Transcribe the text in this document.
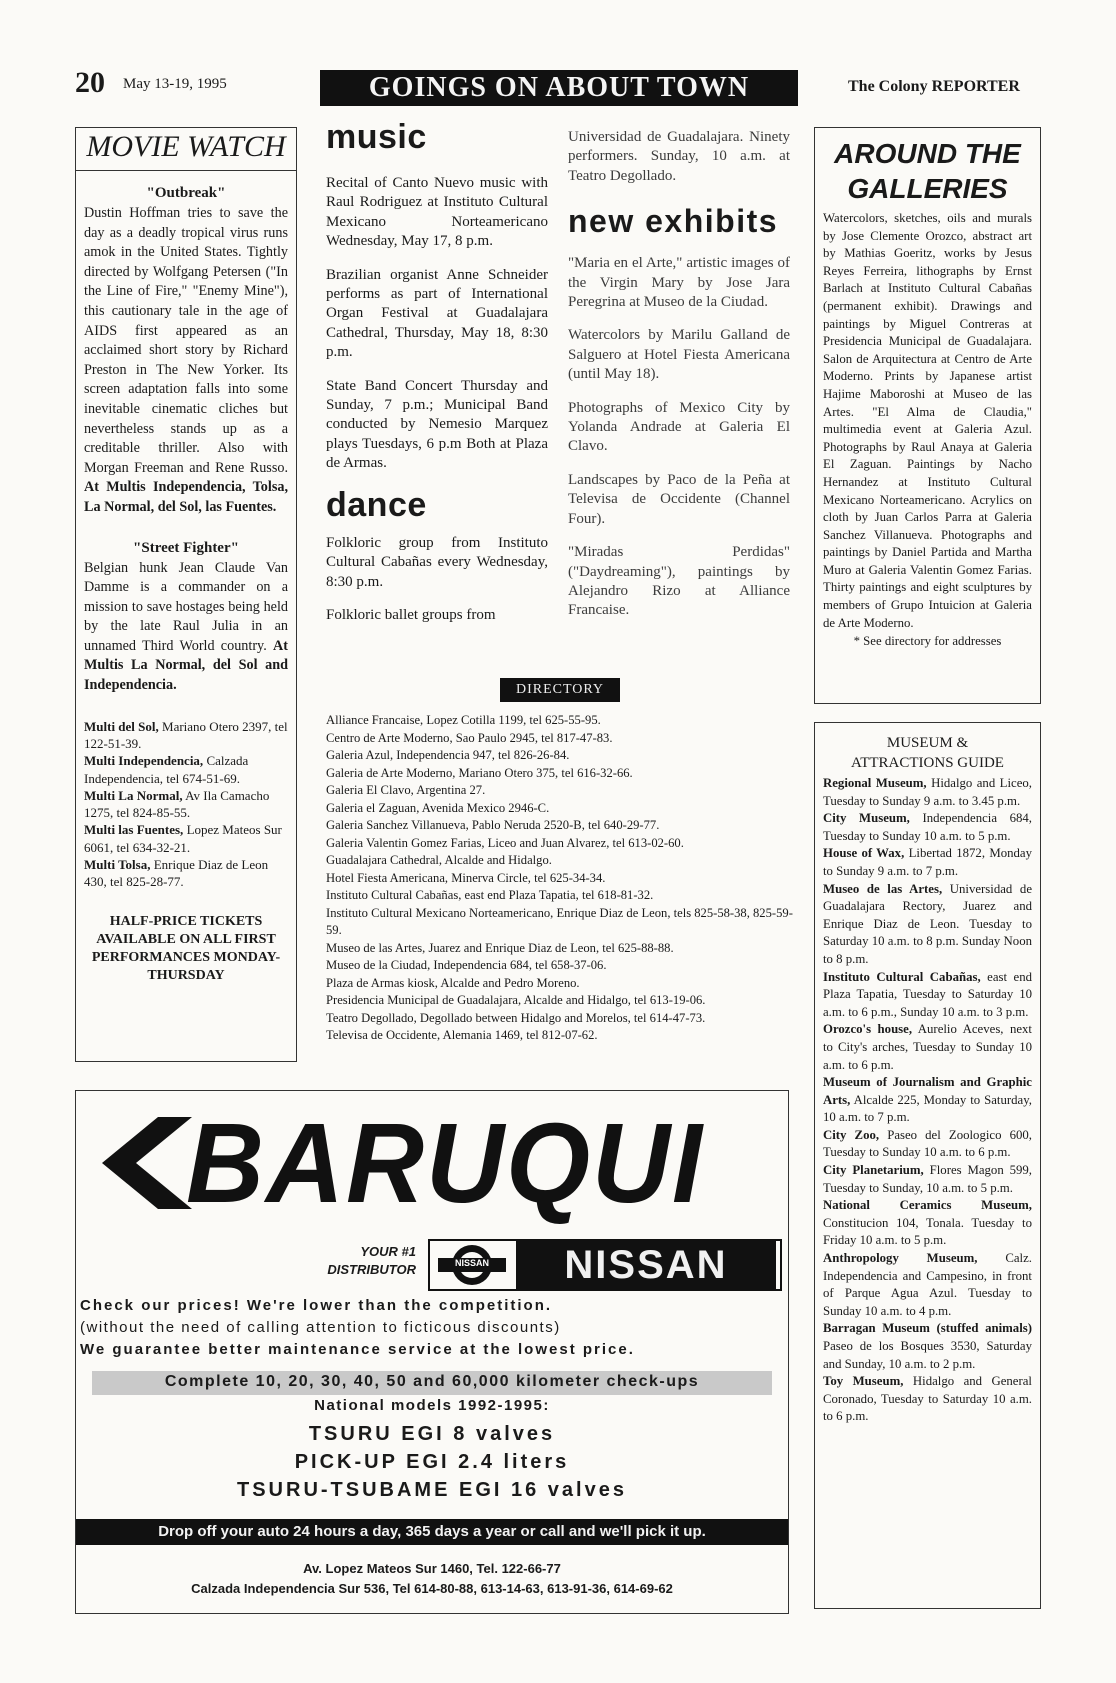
20 May 13-19, 1995	GOINGS ON ABOUT TOWN	The Colony REPORTER
MOVIE WATCH

"Outbreak"

Dustin Hoffman tries to save the day as a deadly tropical virus runs amok in the United States. Tightly directed by Wolfgang Petersen ("In the Line of Fire," "Enemy Mine"), this cautionary tale in the age of AIDS first appeared as an acclaimed short story by Richard Preston in The New Yorker. Its screen adaptation falls into some inevitable cinematic cliches but nevertheless stands up as a creditable thriller. Also with Morgan Freeman and Rene Russo. At Multis Independencia, Tolsa, La Normal, del Sol, las Fuentes.

"Street Fighter"

Belgian hunk Jean Claude Van Damme is a commander on a mission to save hostages being held by the late Raul Julia in an unnamed Third World country. At Multis La Normal, del Sol and Independencia.

Multi del Sol, Mariano Otero 2397, tel 122-51-39.

Multi Independencia, Calzada Independencia, tel 674-51-69.

Multi La Normal, Av Ila Camacho 1275, tel 824-85-55.

Multi las Fuentes, Lopez Mateos Sur 6061, tel 634-32-21.

Multi Tolsa, Enrique Diaz de Leon 430, tel 825-28-77.

HALF-PRICE TICKETS AVAILABLE ON ALL FIRST PERFORMANCES MONDAY-THURSDAY

music

Recital of Canto Nuevo music with Raul Rodriguez at Instituto Cultural Mexicano Norteamericano Wednesday, May 17, 8 p.m.

Brazilian organist Anne Schneider performs as part of International Organ Festival at Guadalajara Cathedral, Thursday, May 18, 8:30 p.m.

State Band Concert Thursday and Sunday, 7 p.m.; Municipal Band conducted by Nemesio Marquez plays Tuesdays, 6 p.m Both at Plaza de Armas.

dance

Folkloric group from Instituto Cultural Cabañas every Wednesday, 8:30 p.m.

Folkloric ballet groups from

Universidad de Guadalajara. Ninety performers. Sunday, 10 a.m. at Teatro Degollado.

new exhibits

"Maria en el Arte," artistic images of the Virgin Mary by Jose Jara Peregrina at Museo de la Ciudad.

Watercolors by Marilu Galland de Salguero at Hotel Fiesta Americana (until May 18).

Photographs of Mexico City by Yolanda Andrade at Galeria El Clavo.

Landscapes by Paco de la Peña at Televisa de Occidente (Channel Four).

"Miradas Perdidas" ("Daydreaming"), paintings by Alejandro Rizo at Alliance Francaise.

DIRECTORY

Alliance Francaise, Lopez Cotilla 1199, tel 625-55-95.

Centro de Arte Moderno, Sao Paulo 2945, tel 817-47-83.

Galeria Azul, Independencia 947, tel 826-26-84.

Galeria de Arte Moderno, Mariano Otero 375, tel 616-32-66.

Galeria El Clavo, Argentina 27.

Galeria el Zaguan, Avenida Mexico 2946-C.

Galeria Sanchez Villanueva, Pablo Neruda 2520-B, tel 640-29-77.

Galeria Valentin Gomez Farias, Liceo and Juan Alvarez, tel 613-02-60.

Guadalajara Cathedral, Alcalde and Hidalgo.

Hotel Fiesta Americana, Minerva Circle, tel 625-34-34.

Instituto Cultural Cabañas, east end Plaza Tapatia, tel 618-81-32.

Instituto Cultural Mexicano Norteamericano, Enrique Diaz de Leon, tels 825-58-38, 825-59-59.

Museo de las Artes, Juarez and Enrique Diaz de Leon, tel 625-88-88.

Museo de la Ciudad, Independencia 684, tel 658-37-06.

Plaza de Armas kiosk, Alcalde and Pedro Moreno.

Presidencia Municipal de Guadalajara, Alcalde and Hidalgo, tel 613-19-06.

Teatro Degollado, Degollado between Hidalgo and Morelos, tel 614-47-73.

Televisa de Occidente, Alemania 1469, tel 812-07-62.

AROUND THE
GALLERIES

Watercolors, sketches, oils and murals by Jose Clemente Orozco, abstract art by Mathias Goeritz, works by Jesus Reyes Ferreira, lithographs by Ernst Barlach at Instituto Cultural Cabañas (permanent exhibit). Drawings and paintings by Miguel Contreras at Presidencia Municipal de Guadalajara. Salon de Arquitectura at Centro de Arte Moderno. Prints by Japanese artist Hajime Maboroshi at Museo de las Artes. "El Alma de Claudia," multimedia event at Galeria Azul. Photographs by Raul Anaya at Galeria El Zaguan. Paintings by Nacho Hernandez at Instituto Cultural Mexicano Norteamericano. Acrylics on cloth by Juan Carlos Parra at Galeria Sanchez Villanueva. Photographs and paintings by Daniel Partida and Martha Muro at Galeria Valentin Gomez Farias. Thirty paintings and eight sculptures by members of Grupo Intuicion at Galeria de Arte Moderno.

* See directory for addresses

MUSEUM &
ATTRACTIONS GUIDE

Regional Museum, Hidalgo and Liceo, Tuesday to Sunday 9 a.m. to 3.45 p.m.

City Museum, Independencia 684, Tuesday to Sunday 10 a.m. to 5 p.m.

House of Wax, Libertad 1872, Monday to Sunday 9 a.m. to 7 p.m.

Museo de las Artes, Universidad de Guadalajara Rectory, Juarez and Enrique Diaz de Leon. Tuesday to Saturday 10 a.m. to 8 p.m. Sunday Noon to 8 p.m.

Instituto Cultural Cabañas, east end Plaza Tapatia, Tuesday to Saturday 10 a.m. to 6 p.m., Sunday 10 a.m. to 3 p.m.

Orozco's house, Aurelio Aceves, next to City's arches, Tuesday to Sunday 10 a.m. to 6 p.m.

Museum of Journalism and Graphic Arts, Alcalde 225, Monday to Saturday, 10 a.m. to 7 p.m.

City Zoo, Paseo del Zoologico 600, Tuesday to Sunday 10 a.m. to 6 p.m.

City Planetarium, Flores Magon 599, Tuesday to Sunday, 10 a.m. to 5 p.m.

National Ceramics Museum, Constitucion 104, Tonala. Tuesday to Friday 10 a.m. to 5 p.m.

Anthropology Museum, Calz. Independencia and Campesino, in front of Parque Agua Azul. Tuesday to Sunday 10 a.m. to 4 p.m.

Barragan Museum (stuffed animals) Paseo de los Bosques 3530, Saturday and Sunday, 10 a.m. to 2 p.m.

Toy Museum, Hidalgo and General Coronado, Tuesday to Saturday 10 a.m. to 6 p.m.

BARUQUI
YOUR #1
DISTRIBUTOR	NISSAN	NISSAN
Check our prices! We're lower than the competition.
(without the need of calling attention to ficticous discounts)
We guarantee better maintenance service at the lowest price.
Complete 10, 20, 30, 40, 50 and 60,000 kilometer check-ups
National models 1992-1995:
TSURU EGI 8 valves
PICK-UP EGI 2.4 liters
TSURU-TSUBAME EGI 16 valves
Drop off your auto 24 hours a day, 365 days a year or call and we'll pick it up.
Av. Lopez Mateos Sur 1460, Tel. 122-66-77
Calzada Independencia Sur 536, Tel 614-80-88, 613-14-63, 613-91-36, 614-69-62
